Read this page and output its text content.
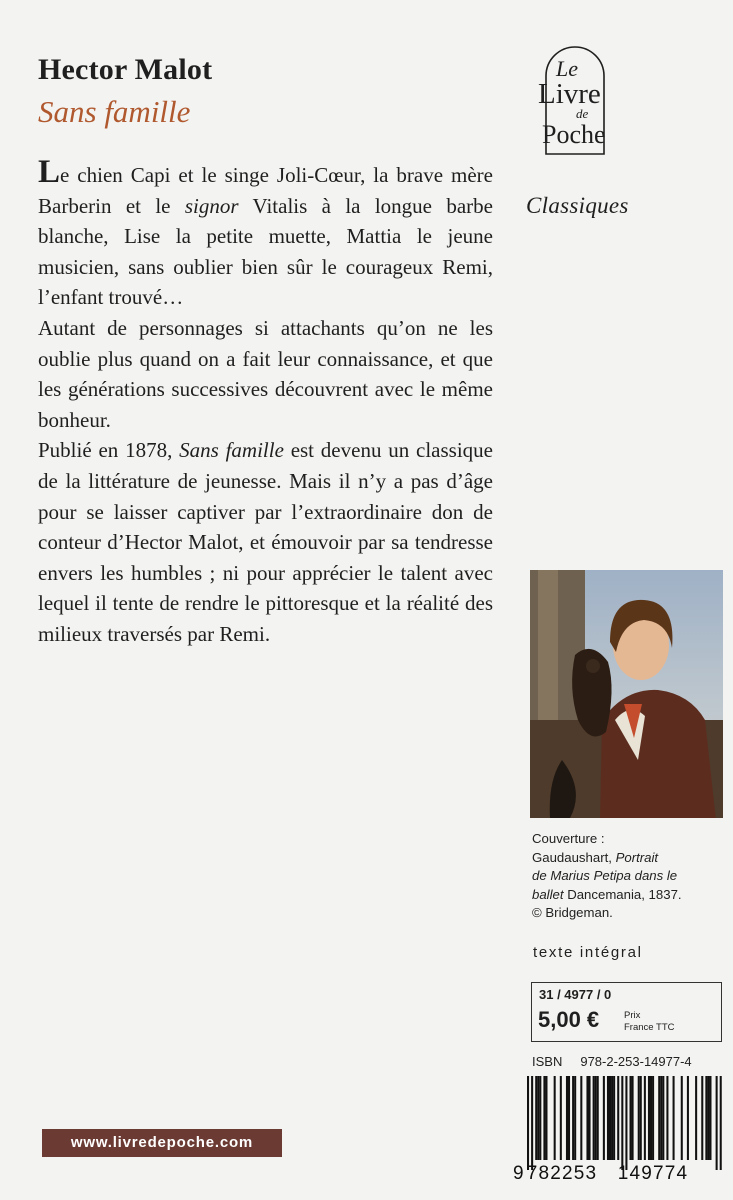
Hector Malot
Sans famille
Le
Livre
de
Poche
Classiques

Le chien Capi et le singe Joli-Cœur, la brave mère Barberin et le signor Vitalis à la longue barbe blanche, Lise la petite muette, Mattia le jeune musicien, sans oublier bien sûr le courageux Remi, l’enfant trouvé…

Autant de personnages si attachants qu’on ne les oublie plus quand on a fait leur connaissance, et que les générations successives découvrent avec le même bonheur.

Publié en 1878, Sans famille est devenu un classique de la littérature de jeunesse. Mais il n’y a pas d’âge pour se laisser captiver par l’extraordinaire don de conteur d’Hector Malot, et émouvoir par sa tendresse envers les humbles ; ni pour apprécier le talent avec lequel il tente de rendre le pittoresque et la réalité des milieux traversés par Remi.

Couverture :
Gaudaushart, Portrait
de Marius Petipa dans le
ballet Dancemania, 1837.
© Bridgeman.
texte intégral
31 / 4977 / 0
5,00 €	Prix
France TTC
ISBN 978-2-253-14977-4
9 782253 149774
www.livredepoche.com
